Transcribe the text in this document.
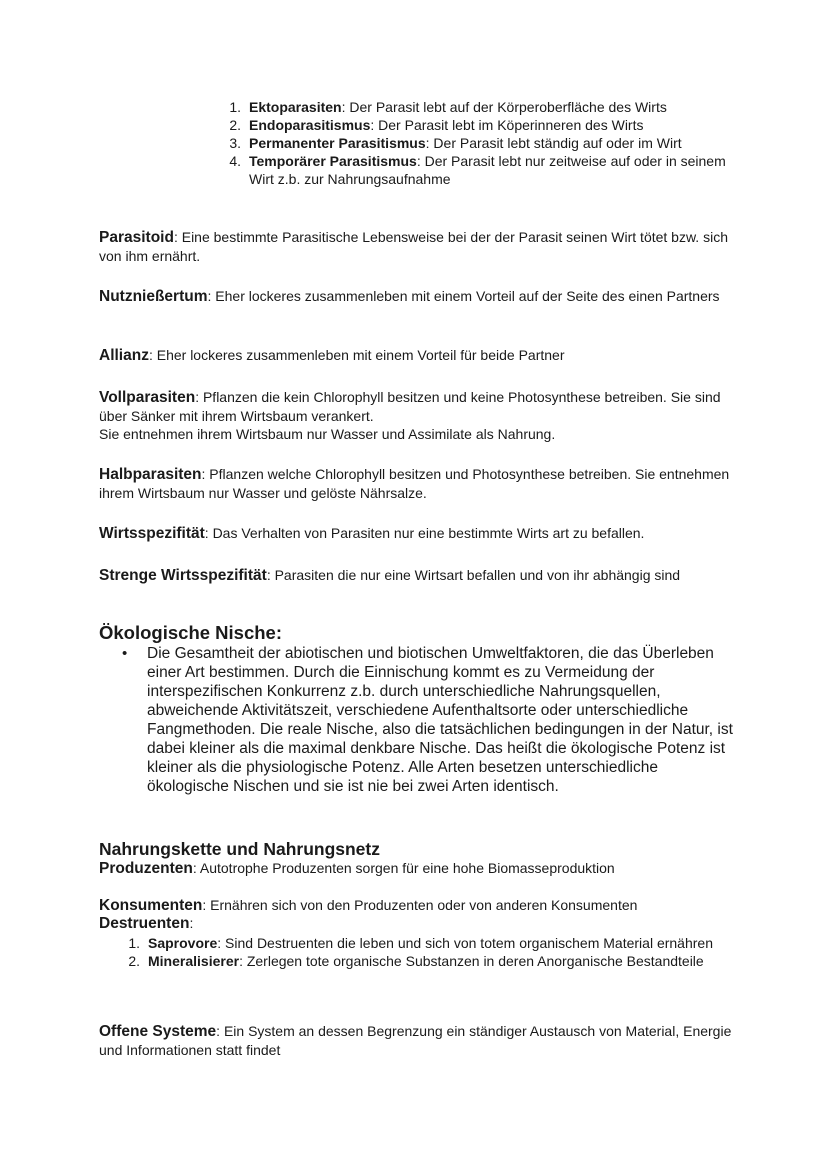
1. Ektoparasiten: Der Parasit lebt auf der Körperoberfläche des Wirts
2. Endoparasitismus: Der Parasit lebt im Köperinneren des Wirts
3. Permanenter Parasitismus: Der Parasit lebt ständig auf oder im Wirt
4. Temporärer Parasitismus: Der Parasit lebt nur zeitweise auf oder in seinem Wirt z.b. zur Nahrungsaufnahme
Parasitoid: Eine bestimmte Parasitische Lebensweise bei der der Parasit seinen Wirt tötet bzw. sich von ihm ernährt.
Nutznießertum: Eher lockeres zusammenleben mit einem Vorteil auf der Seite des einen Partners
Allianz: Eher lockeres zusammenleben mit einem Vorteil für beide Partner
Vollparasiten: Pflanzen die kein Chlorophyll besitzen und keine Photosynthese betreiben. Sie sind über Sänker mit ihrem Wirtsbaum verankert.
Sie entnehmen ihrem Wirtsbaum nur Wasser und Assimilate als Nahrung.
Halbparasiten: Pflanzen welche Chlorophyll besitzen und Photosynthese betreiben. Sie entnehmen ihrem Wirtsbaum nur Wasser und gelöste Nährsalze.
Wirtsspezifität: Das Verhalten von Parasiten nur eine bestimmte Wirts art zu befallen.
Strenge Wirtsspezifität: Parasiten die nur eine Wirtsart befallen und von ihr abhängig sind
Ökologische Nische:
• Die Gesamtheit der abiotischen und biotischen Umweltfaktoren, die das Überleben einer Art bestimmen. Durch die Einnischung kommt es zu Vermeidung der interspezifischen Konkurrenz z.b. durch unterschiedliche Nahrungsquellen, abweichende Aktivitätszeit, verschiedene Aufenthaltsorte oder unterschiedliche Fangmethoden. Die reale Nische, also die tatsächlichen bedingungen in der Natur, ist dabei kleiner als die maximal denkbare Nische. Das heißt die ökologische Potenz ist kleiner als die physiologische Potenz. Alle Arten besetzen unterschiedliche ökologische Nischen und sie ist nie bei zwei Arten identisch.
Nahrungskette und Nahrungsnetz
Produzenten: Autotrophe Produzenten sorgen für eine hohe Biomasseproduktion
Konsumenten: Ernähren sich von den Produzenten oder von anderen Konsumenten
Destruenten:
1. Saprovore: Sind Destruenten die leben und sich von totem organischem Material ernähren
2. Mineralisierer: Zerlegen tote organische Substanzen in deren Anorganische Bestandteile
Offene Systeme: Ein System an dessen Begrenzung ein ständiger Austausch von Material, Energie und Informationen statt findet
